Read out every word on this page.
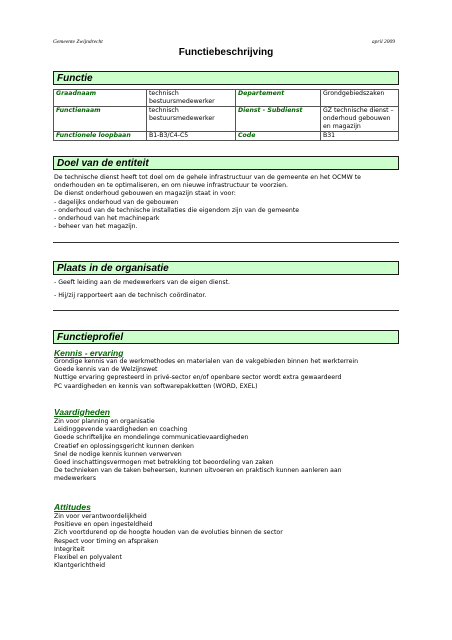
Gemeente Zwijndrecht	april 2009
Functiebeschrijving
Functie
Graadnaam	technisch bestuursmedewerker	Departement	Grondgebiedszaken
Functienaam	technisch bestuursmedewerker	Dienst - Subdienst	GZ technische dienst – onderhoud gebouwen en magazijn
Functionele loopbaan	B1-B3/C4-C5	Code	B31
Doel van de entiteit
De technische dienst heeft tot doel om de gehele infrastructuur van de gemeente en het OCMW te
onderhouden en te optimaliseren, en om nieuwe infrastructuur te voorzien.
De dienst onderhoud gebouwen en magazijn staat in voor:
- dagelijks onderhoud van de gebouwen
- onderhoud van de technische installaties die eigendom zijn van de gemeente
- onderhoud van het machinepark
- beheer van het magazijn.
Plaats in de organisatie
- Geeft leiding aan de medewerkers van de eigen dienst.
- Hij/zij rapporteert aan de technisch coördinator.
Functieprofiel
Kennis - ervaring
Grondige kennis van de werkmethodes en materialen van de vakgebieden binnen het werkterrein
Goede kennis van de Welzijnswet
Nuttige ervaring gepresteerd in privé-sector en/of openbare sector wordt extra gewaardeerd
PC vaardigheden en kennis van softwarepakketten (WORD, EXEL)
Vaardigheden
Zin voor planning en organisatie
Leidinggevende vaardigheden en coaching
Goede schriftelijke en mondelinge communicatievaardigheden
Creatief en oplossingsgericht kunnen denken
Snel de nodige kennis kunnen verwerven
Goed inschattingsvermogen met betrekking tot beoordeling van zaken
De technieken van de taken beheersen, kunnen uitvoeren en praktisch kunnen aanleren aan
medewerkers
Attitudes
Zin voor verantwoordelijkheid
Positieve en open ingesteldheid
Zich voortdurend op de hoogte houden van de evoluties binnen de sector
Respect voor timing en afspraken
Integriteit
Flexibel en polyvalent
Klantgerichtheid
